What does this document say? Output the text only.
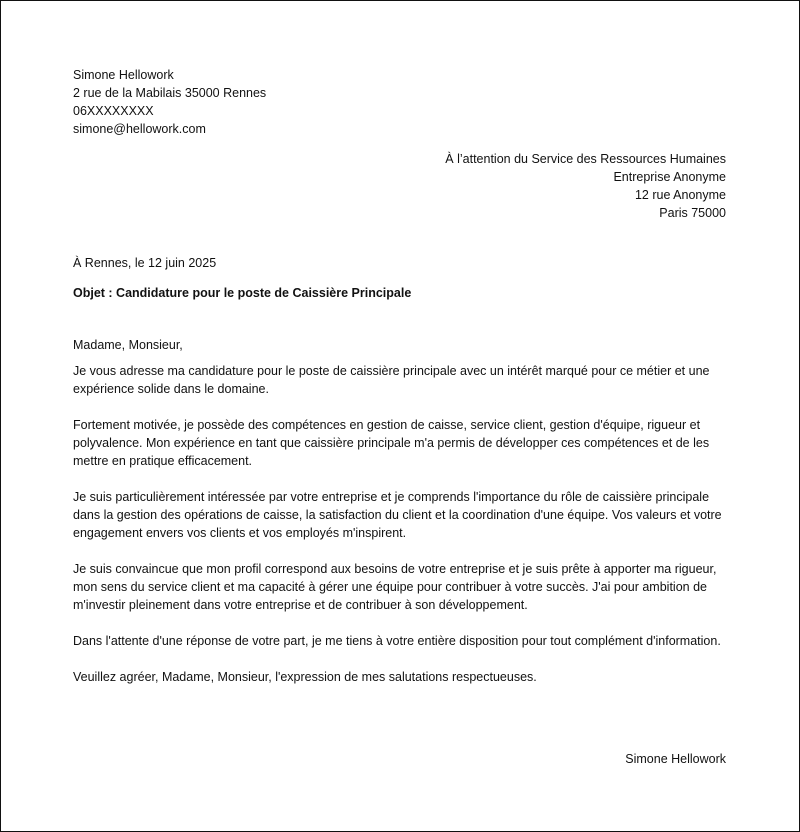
Simone Hellowork
2 rue de la Mabilais 35000 Rennes
06XXXXXXXX
simone@hellowork.com
À l’attention du Service des Ressources Humaines
Entreprise Anonyme
12 rue Anonyme
Paris 75000
À Rennes, le 12 juin 2025
Objet : Candidature pour le poste de Caissière Principale

Madame, Monsieur,

Je vous adresse ma candidature pour le poste de caissière principale avec un intérêt marqué pour ce métier et une expérience solide dans le domaine.

Fortement motivée, je possède des compétences en gestion de caisse, service client, gestion d'équipe, rigueur et polyvalence. Mon expérience en tant que caissière principale m'a permis de développer ces compétences et de les mettre en pratique efficacement.

Je suis particulièrement intéressée par votre entreprise et je comprends l'importance du rôle de caissière principale dans la gestion des opérations de caisse, la satisfaction du client et la coordination d'une équipe. Vos valeurs et votre engagement envers vos clients et vos employés m'inspirent.

Je suis convaincue que mon profil correspond aux besoins de votre entreprise et je suis prête à apporter ma rigueur, mon sens du service client et ma capacité à gérer une équipe pour contribuer à votre succès. J'ai pour ambition de m'investir pleinement dans votre entreprise et de contribuer à son développement.

Dans l'attente d'une réponse de votre part, je me tiens à votre entière disposition pour tout complément d'information.

Veuillez agréer, Madame, Monsieur, l'expression de mes salutations respectueuses.

Simone Hellowork
